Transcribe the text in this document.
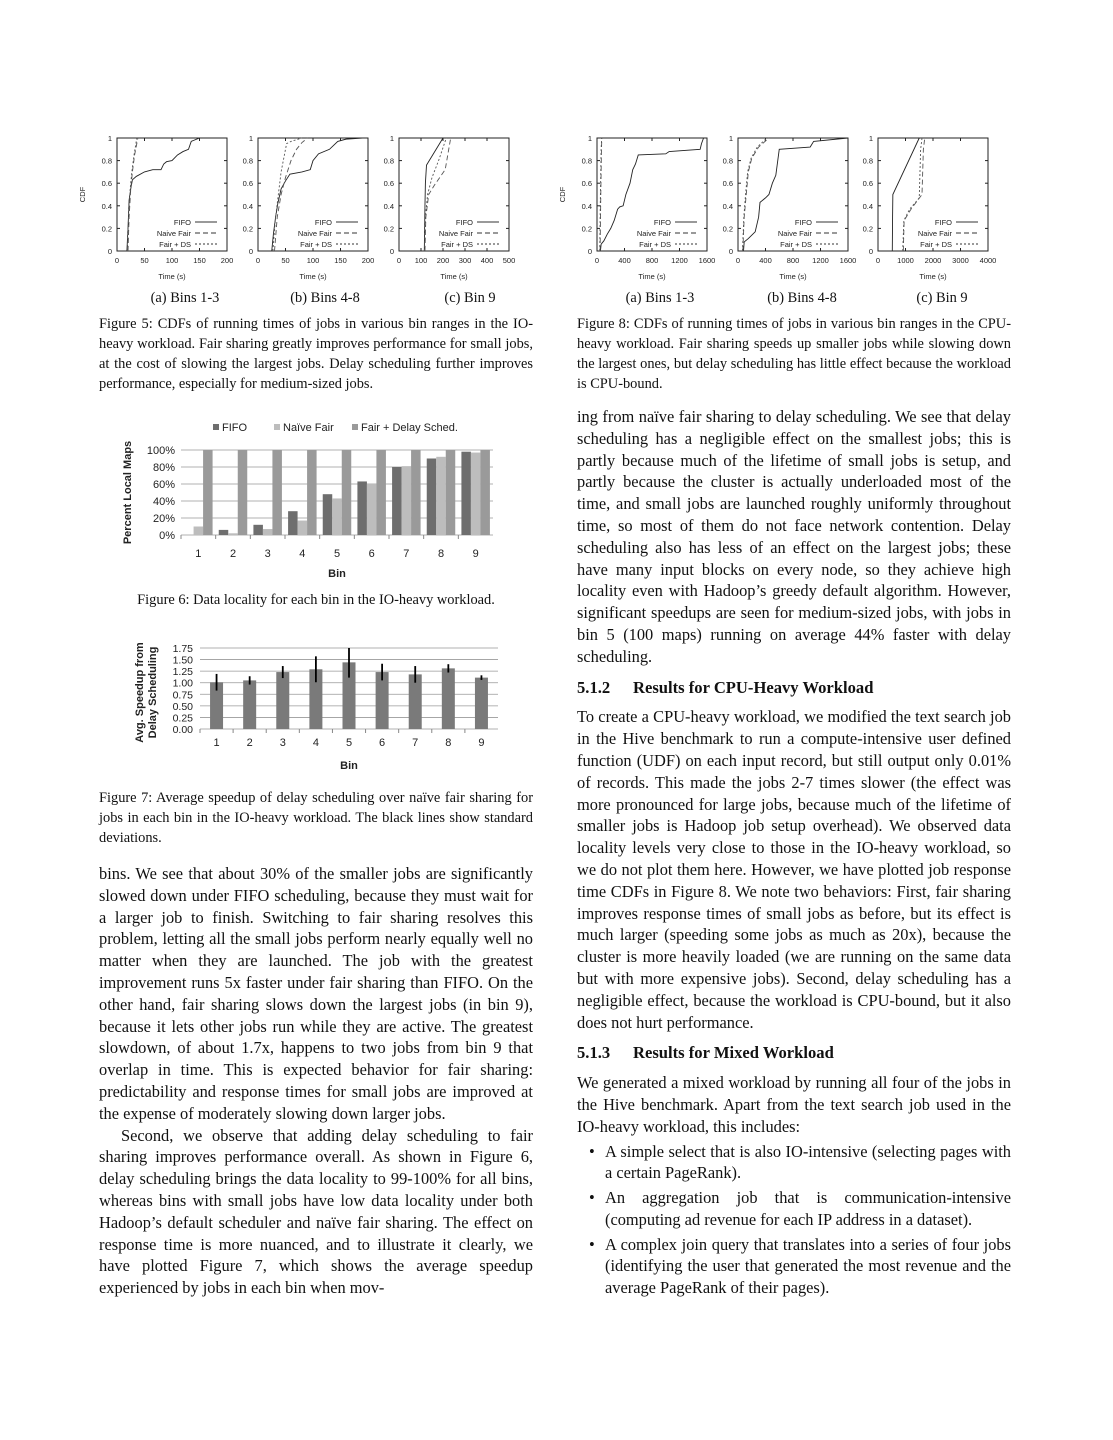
0
0.2
0.4
0.6
0.8
1
0	50 100 150 200
Time (s)
CDF
FIFO
Naive Fair
Fair + DS
0
0.2
0.4
0.6
0.8
1
0	50 100 150 200
Time (s)
FIFO
Naive Fair
Fair + DS
0
0.2
0.4
0.6
0.8
1
0 100 200 300 400 500
Time (s)
FIFO
Naive Fair
Fair + DS
(a) Bins 1-3	(b) Bins 4-8	(c) Bin 9
Figure 5: CDFs of running times of jobs in various bin ranges in the IO-heavy workload. Fair sharing greatly improves performance for small jobs, at the cost of slowing the largest jobs. Delay scheduling further improves performance, especially for medium-sized jobs.
0
0.2
0.4
0.6
0.8
1
0	400 800 1200 1600
Time (s)
CDF
FIFO
Naive Fair
Fair + DS
0
0.2
0.4
0.6
0.8
1
0	400 800 1200 1600
Time (s)
FIFO
Naive Fair
Fair + DS
0
0.2
0.4
0.6
0.8
1
0 1000 2000 3000 4000
Time (s)
FIFO
Naive Fair
Fair + DS
(a) Bins 1-3	(b) Bins 4-8	(c) Bin 9
Figure 8: CDFs of running times of jobs in various bin ranges in the CPU-heavy workload. Fair sharing speeds up smaller jobs while slowing down the largest ones, but delay scheduling has little effect because the workload is CPU-bound.
0%
20%
40%
60%
80%
100%
1	2	3	4	5	6	7	8	9
Bin
Percent Local Maps
FIFO	Naïve Fair Fair + Delay Sched.
Figure 6: Data locality for each bin in the IO-heavy workload.
0.00
0.25
0.50
0.75
1.00
1.25
1.50
1.75
1 2 3 4 5 6 7 8 9
Bin
Avg. Speedup from Delay Scheduling
Figure 7: Average speedup of delay scheduling over naïve fair sharing for jobs in each bin in the IO-heavy workload. The black lines show standard deviations.

bins. We see that about 30% of the smaller jobs are significantly slowed down under FIFO scheduling, because they must wait for a larger job to finish. Switching to fair sharing resolves this problem, letting all the small jobs perform nearly equally well no matter when they are launched. The job with the greatest improvement runs 5x faster under fair sharing than FIFO. On the other hand, fair sharing slows down the largest jobs (in bin 9), because it lets other jobs run while they are active. The greatest slowdown, of about 1.7x, happens to two jobs from bin 9 that overlap in time. This is expected behavior for fair sharing: predictability and response times for small jobs are improved at the expense of moderately slowing down larger jobs.

Second, we observe that adding delay scheduling to fair sharing improves performance overall. As shown in Figure 6, delay scheduling brings the data locality to 99-100% for all bins, whereas bins with small jobs have low data locality under both Hadoop’s default scheduler and naïve fair sharing. The effect on response time is more nuanced, and to illustrate it clearly, we have plotted Figure 7, which shows the average speedup experienced by jobs in each bin when mov-

ing from naïve fair sharing to delay scheduling. We see that delay scheduling has a negligible effect on the smallest jobs; this is partly because much of the lifetime of small jobs is setup, and partly because the cluster is actually underloaded most of the time, and small jobs are launched roughly uniformly throughout time, so most of them do not face network contention. Delay scheduling also has less of an effect on the largest jobs; these have many input blocks on every node, so they achieve high locality even with Hadoop’s greedy default algorithm. However, significant speedups are seen for medium-sized jobs, with jobs in bin 5 (100 maps) running on average 44% faster with delay scheduling.

5.1.2 Results for CPU-Heavy Workload

To create a CPU-heavy workload, we modified the text search job in the Hive benchmark to run a compute-intensive user defined function (UDF) on each input record, but still output only 0.01% of records. This made the jobs 2-7 times slower (the effect was more pronounced for large jobs, because much of the lifetime of smaller jobs is Hadoop job setup overhead). We observed data locality levels very close to those in the IO-heavy workload, so we do not plot them here. However, we have plotted job response time CDFs in Figure 8. We note two behaviors: First, fair sharing improves response times of small jobs as before, but its effect is much larger (speeding some jobs as much as 20x), because the cluster is more heavily loaded (we are running on the same data but with more expensive jobs). Second, delay scheduling has a negligible effect, because the workload is CPU-bound, but it also does not hurt performance.

5.1.3 Results for Mixed Workload

We generated a mixed workload by running all four of the jobs in the Hive benchmark. Apart from the text search job used in the IO-heavy workload, this includes:

• A simple select that is also IO-intensive (selecting pages with a certain PageRank).
• An aggregation job that is communication-intensive (computing ad revenue for each IP address in a dataset).
• A complex join query that translates into a series of four jobs (identifying the user that generated the most revenue and the average PageRank of their pages).
